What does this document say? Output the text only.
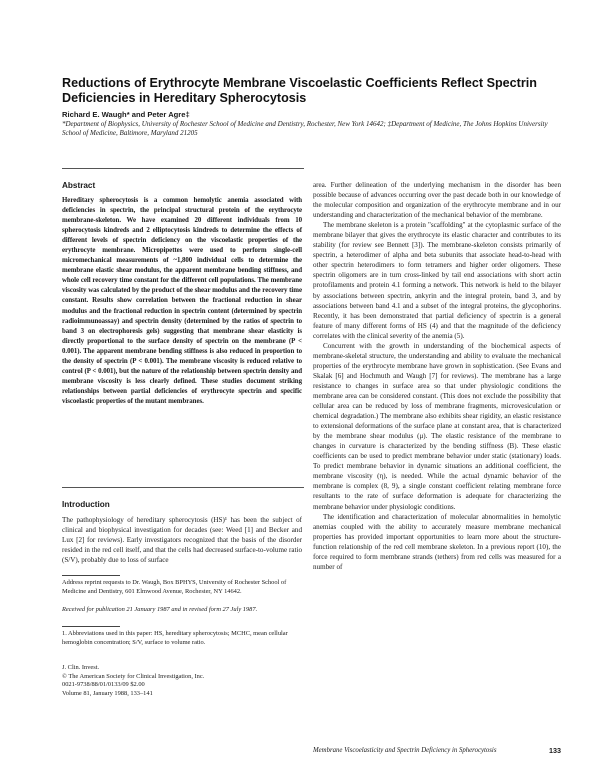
Reductions of Erythrocyte Membrane Viscoelastic Coefficients Reflect Spectrin Deficiencies in Hereditary Spherocytosis

Richard E. Waugh* and Peter Agre‡

*Department of Biophysics, University of Rochester School of Medicine and Dentistry, Rochester, New York 14642; ‡Department of Medicine, The Johns Hopkins University School of Medicine, Baltimore, Maryland 21205

Abstract

Hereditary spherocytosis is a common hemolytic anemia associated with deficiencies in spectrin, the principal structural protein of the erythrocyte membrane-skeleton. We have examined 20 different individuals from 10 spherocytosis kindreds and 2 elliptocytosis kindreds to determine the effects of different levels of spectrin deficiency on the viscoelastic properties of the erythrocyte membrane. Micropipettes were used to perform single-cell micromechanical measurements of ~1,800 individual cells to determine the membrane elastic shear modulus, the apparent membrane bending stiffness, and whole cell recovery time constant for the different cell populations. The membrane viscosity was calculated by the product of the shear modulus and the recovery time constant. Results show correlation between the fractional reduction in shear modulus and the fractional reduction in spectrin content (determined by spectrin radioimmunoassay) and spectrin density (determined by the ratios of spectrin to band 3 on electrophoresis gels) suggesting that membrane shear elasticity is directly proportional to the surface density of spectrin on the membrane (P < 0.001). The apparent membrane bending stiffness is also reduced in proportion to the density of spectrin (P < 0.001). The membrane viscosity is reduced relative to control (P < 0.001), but the nature of the relationship between spectrin density and membrane viscosity is less clearly defined. These studies document striking relationships between partial deficiencies of erythrocyte spectrin and specific viscoelastic properties of the mutant membranes.

Introduction

The pathophysiology of hereditary spherocytosis (HS)¹ has been the subject of clinical and biophysical investigation for decades (see: Weed [1] and Becker and Lux [2] for reviews). Early investigators recognized that the basis of the disorder resided in the red cell itself, and that the cells had decreased surface-to-volume ratio (S/V), probably due to loss of surface

Address reprint requests to Dr. Waugh, Box BPHYS, University of Rochester School of Medicine and Dentistry, 601 Elmwood Avenue, Rochester, NY 14642.

Received for publication 21 January 1987 and in revised form 27 July 1987.

1. Abbreviations used in this paper: HS, hereditary spherocytosis; MCHC, mean cellular hemoglobin concentration; S/V, surface to volume ratio.

J. Clin. Invest.
© The American Society for Clinical Investigation, Inc.
0021-9738/88/01/0133/09 $2.00
Volume 81, January 1988, 133–141

area. Further delineation of the underlying mechanism in the disorder has been possible because of advances occurring over the past decade both in our knowledge of the molecular composition and organization of the erythrocyte membrane and in our understanding and characterization of the mechanical behavior of the membrane.

The membrane skeleton is a protein "scaffolding" at the cytoplasmic surface of the membrane bilayer that gives the erythrocyte its elastic character and contributes to its stability (for review see Bennett [3]). The membrane-skeleton consists primarily of spectrin, a heterodimer of alpha and beta subunits that associate head-to-head with other spectrin heterodimers to form tetramers and higher order oligomers. These spectrin oligomers are in turn cross-linked by tail end associations with short actin protofilaments and protein 4.1 forming a network. This network is held to the bilayer by associations between spectrin, ankyrin and the integral protein, band 3, and by associations between band 4.1 and a subset of the integral proteins, the glycophorins. Recently, it has been demonstrated that partial deficiency of spectrin is a general feature of many different forms of HS (4) and that the magnitude of the deficiency correlates with the clinical severity of the anemia (5).

Concurrent with the growth in understanding of the biochemical aspects of membrane-skeletal structure, the understanding and ability to evaluate the mechanical properties of the erythrocyte membrane have grown in sophistication. (See Evans and Skalak [6] and Hochmuth and Waugh [7] for reviews). The membrane has a large resistance to changes in surface area so that under physiologic conditions the membrane area can be considered constant. (This does not exclude the possibility that cellular area can be reduced by loss of membrane fragments, microvesiculation or chemical degradation.) The membrane also exhibits shear rigidity, an elastic resistance to extensional deformations of the surface plane at constant area, that is characterized by the membrane shear modulus (μ). The elastic resistance of the membrane to changes in curvature is characterized by the bending stiffness (B). These elastic coefficients can be used to predict membrane behavior under static (stationary) loads. To predict membrane behavior in dynamic situations an additional coefficient, the membrane viscosity (η), is needed. While the actual dynamic behavior of the membrane is complex (8, 9), a single constant coefficient relating membrane force resultants to the rate of surface deformation is adequate for characterizing the membrane behavior under physiologic conditions.

The identification and characterization of molecular abnormalities in hemolytic anemias coupled with the ability to accurately measure membrane mechanical properties has provided important opportunities to learn more about the structure-function relationship of the red cell membrane skeleton. In a previous report (10), the force required to form membrane strands (tethers) from red cells was measured for a number of

Membrane Viscoelasticity and Spectrin Deficiency in Spherocytosis	133
